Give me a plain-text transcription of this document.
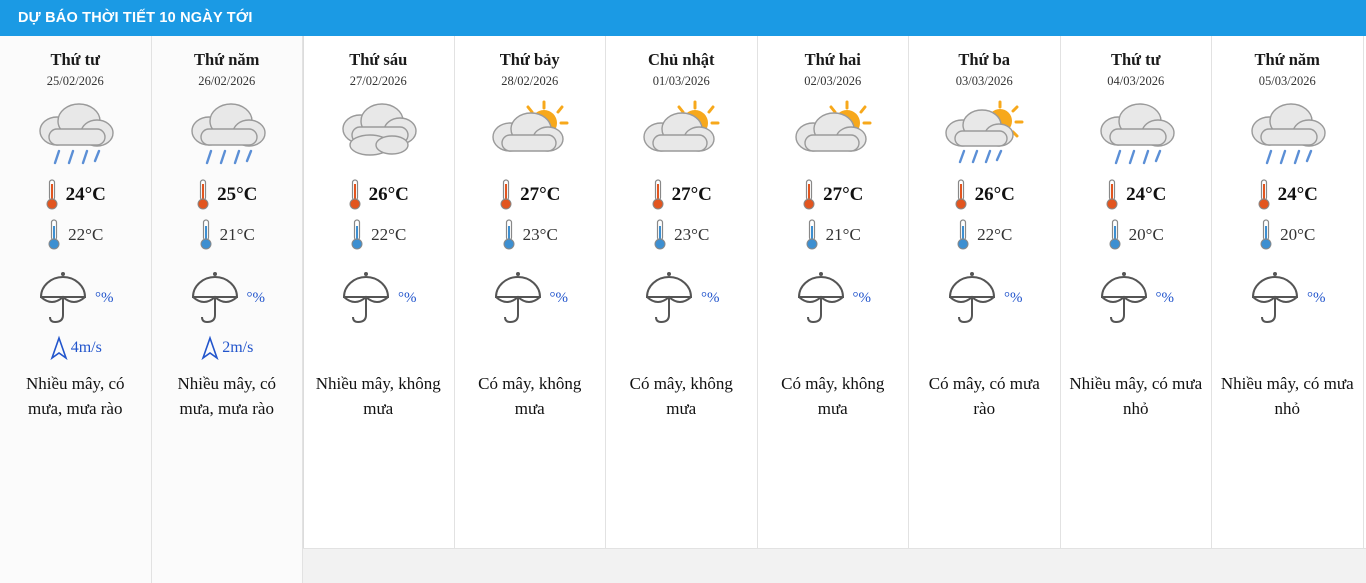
DỰ BÁO THỜI TIẾT 10 NGÀY TỚI
Thứ tư
25/02/2026
24°C
22°C
°%
4m/s
Nhiều mây, có mưa, mưa rào
Thứ năm
26/02/2026
25°C
21°C
°%
2m/s
Nhiều mây, có mưa, mưa rào
Thứ sáu
27/02/2026
26°C
22°C
°%
Nhiều mây, không mưa
Thứ bảy
28/02/2026
27°C
23°C
°%
Có mây, không mưa
Chủ nhật
01/03/2026
27°C
23°C
°%
Có mây, không mưa
Thứ hai
02/03/2026
27°C
21°C
°%
Có mây, không mưa
Thứ ba
03/03/2026
26°C
22°C
°%
Có mây, có mưa rào
Thứ tư
04/03/2026
24°C
20°C
°%
Nhiều mây, có mưa nhỏ
Thứ năm
05/03/2026
24°C
20°C
°%
Nhiều mây, có mưa nhỏ
